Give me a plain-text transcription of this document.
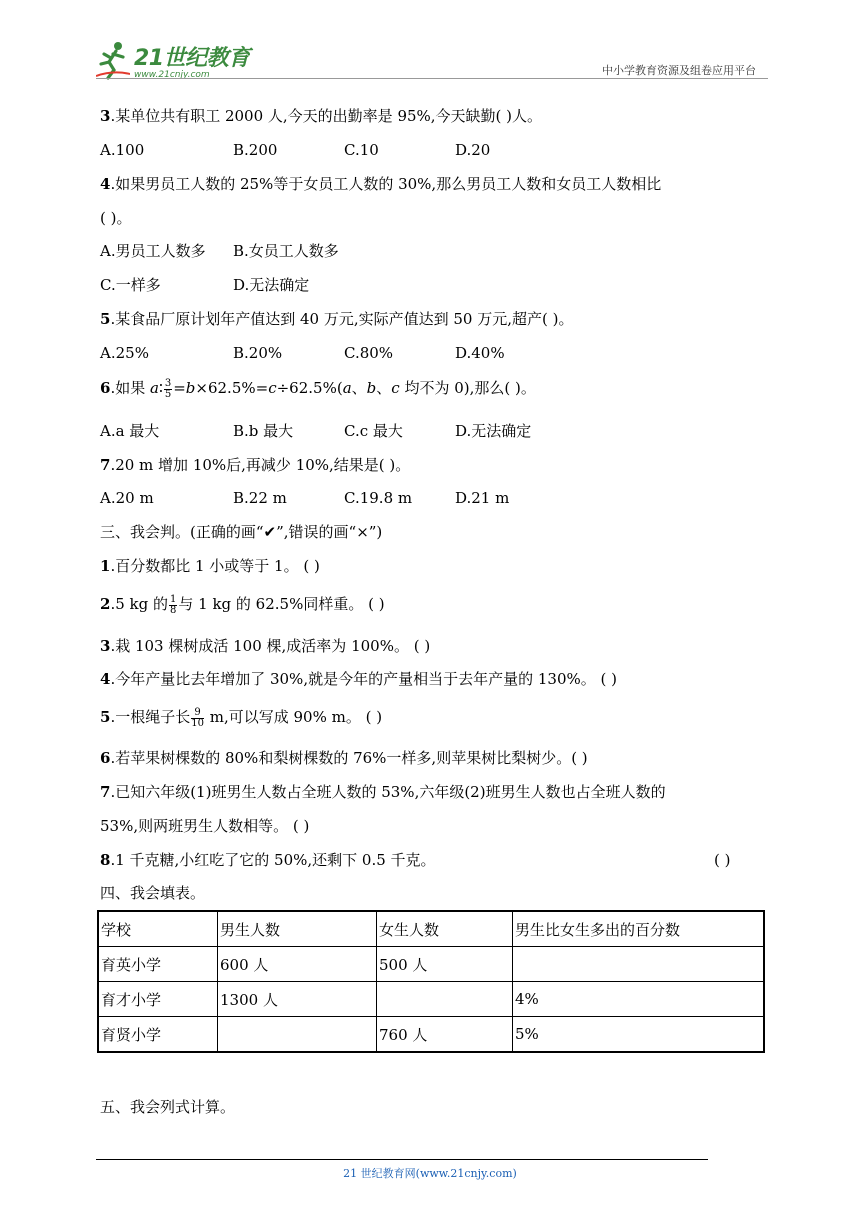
21世纪教育
www.21cnjy.com	中小学教育资源及组卷应用平台
3.某单位共有职工 2000 人,今天的出勤率是 95%,今天缺勤( )人。
A.100	B.200	C.10	D.20
4.如果男员工人数的 25%等于女员工人数的 30%,那么男员工人数和女员工人数相比
( )。
A.男员工人数多 B.女员工人数多
C.一样多	D.无法确定
5.某食品厂原计划年产值达到 40 万元,实际产值达到 50 万元,超产( )。
A.25%	B.20%	C.80%	D.40%
6.如果 a∶ $\frac{3}{5} =b\times 62.5\%=c\div 62.5\%(a$、b、c 均不为 0),那么( )。
A.a 最大	B.b 最大	C.c 最大	D.无法确定
7.20 m 增加 10%后,再减少 10%,结果是( )。
A.20 m	B.22 m	C.19.8 m	D.21 m
三、我会判。(正确的画“✔”,错误的画“×”)
1.百分数都比 1 小或等于 1。 ( )
2.5 kg 的 $\frac{1}{8}$ 与 1 kg 的 62.5%同样重。 ( )
3.栽 103 棵树成活 100 棵,成活率为 100%。 ( )
4.今年产量比去年增加了 30%,就是今年的产量相当于去年产量的 130%。 ( )
5.一根绳子长 $\frac{9}{10} m$,可以写成 90% m。 ( )
6.若苹果树棵数的 80%和梨树棵数的 76%一样多,则苹果树比梨树少。( )
7.已知六年级(1)班男生人数占全班人数的 53%,六年级(2)班男生人数也占全班人数的
53%,则两班男生人数相等。 ( )
8.1 千克糖,小红吃了它的 50%,还剩下 0.5 千克。	( )
四、我会填表。
学校	男生人数	女生人数	男生比女生多出的百分数
育英小学	600 人	500 人	
育才小学	1300 人		4%
育贤小学		760 人	5%
五、我会列式计算。
21 世纪教育网(www.21cnjy.com)
